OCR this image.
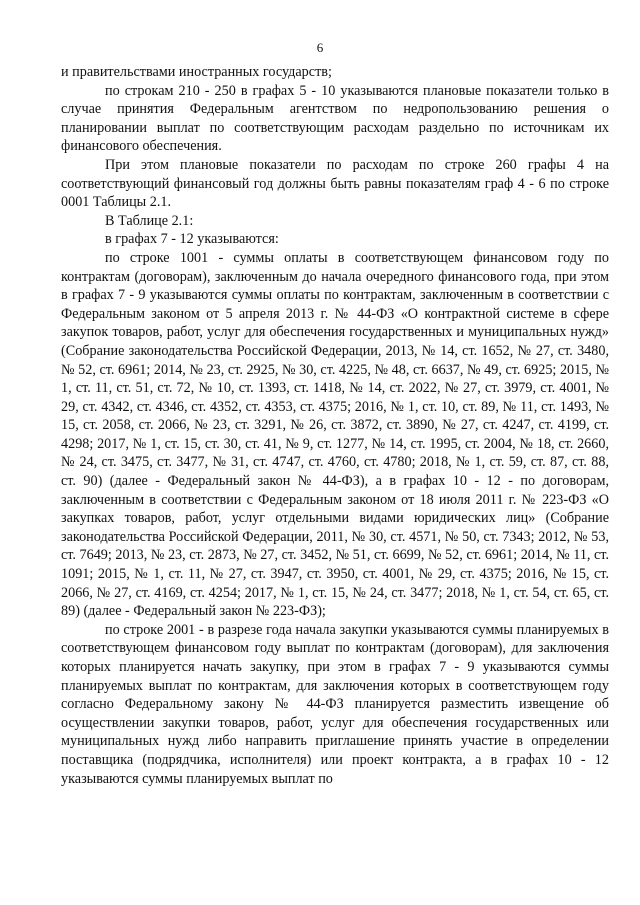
6

и правительствами иностранных государств;

по строкам 210 - 250 в графах 5 - 10 указываются плановые показатели только в случае принятия Федеральным агентством по недропользованию решения о планировании выплат по соответствующим расходам раздельно по источникам их финансового обеспечения.

При этом плановые показатели по расходам по строке 260 графы 4 на соответствующий финансовый год должны быть равны показателям граф 4 - 6 по строке 0001 Таблицы 2.1.

В Таблице 2.1:

в графах 7 - 12 указываются:

по строке 1001 - суммы оплаты в соответствующем финансовом году по контрактам (договорам), заключенным до начала очередного финансового года, при этом в графах 7 - 9 указываются суммы оплаты по контрактам, заключенным в соответствии с Федеральным законом от 5 апреля 2013 г. № 44-ФЗ «О контрактной системе в сфере закупок товаров, работ, услуг для обеспечения государственных и муниципальных нужд» (Собрание законодательства Российской Федерации, 2013, № 14, ст. 1652, № 27, ст. 3480, № 52, ст. 6961; 2014, № 23, ст. 2925, № 30, ст. 4225, № 48, ст. 6637, № 49, ст. 6925; 2015, № 1, ст. 11, ст. 51, ст. 72, № 10, ст. 1393, ст. 1418, № 14, ст. 2022, № 27, ст. 3979, ст. 4001, № 29, ст. 4342, ст. 4346, ст. 4352, ст. 4353, ст. 4375; 2016, № 1, ст. 10, ст. 89, № 11, ст. 1493, № 15, ст. 2058, ст. 2066, № 23, ст. 3291, № 26, ст. 3872, ст. 3890, № 27, ст. 4247, ст. 4199, ст. 4298; 2017, № 1, ст. 15, ст. 30, ст. 41, № 9, ст. 1277, № 14, ст. 1995, ст. 2004, № 18, ст. 2660, № 24, ст. 3475, ст. 3477, № 31, ст. 4747, ст. 4760, ст. 4780; 2018, № 1, ст. 59, ст. 87, ст. 88, ст. 90) (далее - Федеральный закон № 44-ФЗ), а в графах 10 - 12 - по договорам, заключенным в соответствии с Федеральным законом от 18 июля 2011 г. № 223-ФЗ «О закупках товаров, работ, услуг отдельными видами юридических лиц» (Собрание законодательства Российской Федерации, 2011, № 30, ст. 4571, № 50, ст. 7343; 2012, № 53, ст. 7649; 2013, № 23, ст. 2873, № 27, ст. 3452, № 51, ст. 6699, № 52, ст. 6961; 2014, № 11, ст. 1091; 2015, № 1, ст. 11, № 27, ст. 3947, ст. 3950, ст. 4001, № 29, ст. 4375; 2016, № 15, ст. 2066, № 27, ст. 4169, ст. 4254; 2017, № 1, ст. 15, № 24, ст. 3477; 2018, № 1, ст. 54, ст. 65, ст. 89) (далее - Федеральный закон № 223-ФЗ);

по строке 2001 - в разрезе года начала закупки указываются суммы планируемых в соответствующем финансовом году выплат по контрактам (договорам), для заключения которых планируется начать закупку, при этом в графах 7 - 9 указываются суммы планируемых выплат по контрактам, для заключения которых в соответствующем году согласно Федеральному закону № 44-ФЗ планируется разместить извещение об осуществлении закупки товаров, работ, услуг для обеспечения государственных или муниципальных нужд либо направить приглашение принять участие в определении поставщика (подрядчика, исполнителя) или проект контракта, а в графах 10 - 12 указываются суммы планируемых выплат по
